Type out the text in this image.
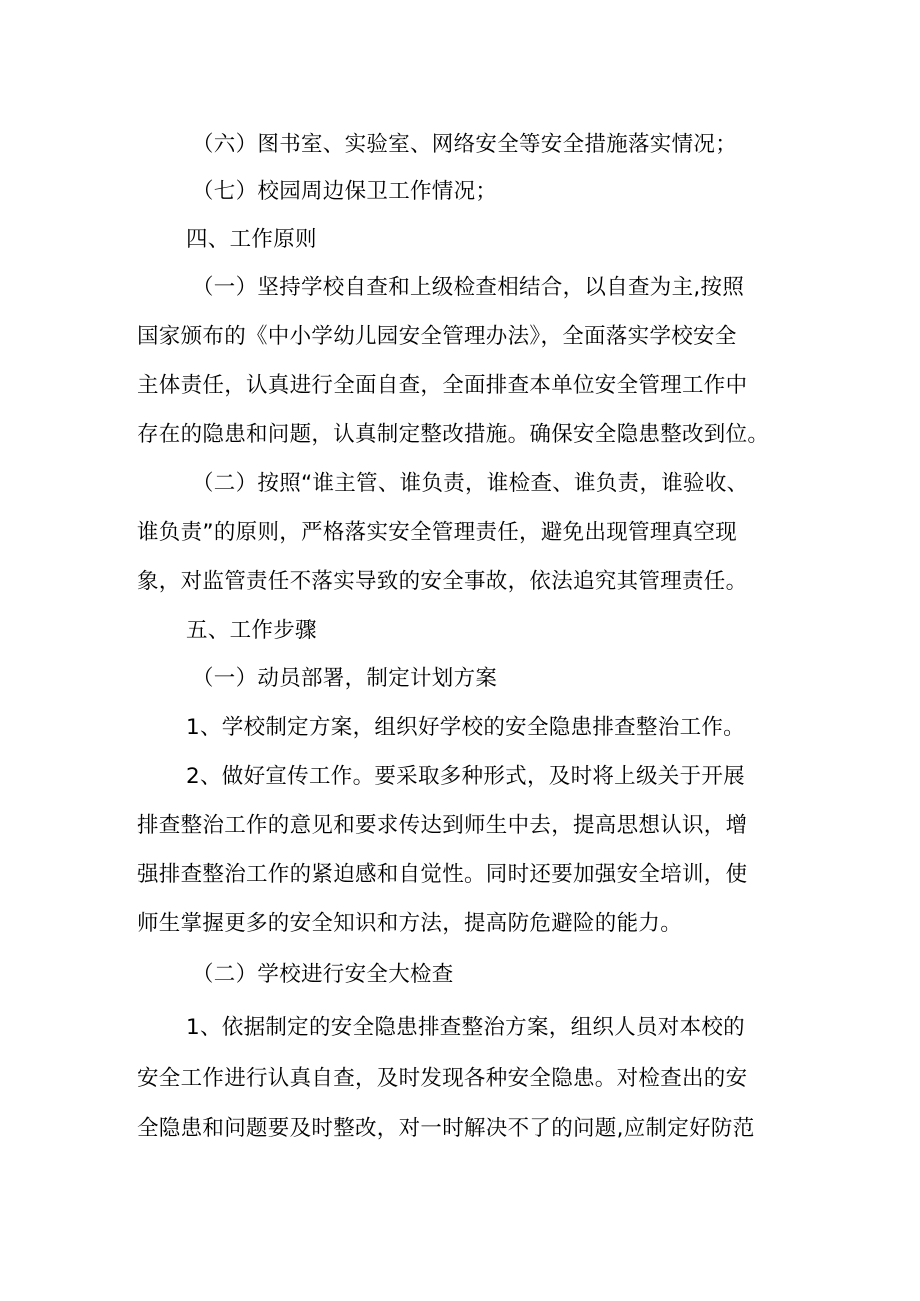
（六）图书室、实验室、网络安全等安全措施落实情况；
（七）校园周边保卫工作情况；
四、工作原则
（一）坚持学校自查和上级检查相结合，以自查为主,按照
国家颁布的《中小学幼儿园安全管理办法》，全面落实学校安全
主体责任，认真进行全面自查，全面排查本单位安全管理工作中
存在的隐患和问题，认真制定整改措施。确保安全隐患整改到位。
（二）按照“谁主管、谁负责，谁检查、谁负责，谁验收、
谁负责”的原则，严格落实安全管理责任，避免出现管理真空现
象，对监管责任不落实导致的安全事故，依法追究其管理责任。
五、工作步骤
（一）动员部署，制定计划方案
1、学校制定方案，组织好学校的安全隐患排查整治工作。
2、做好宣传工作。要采取多种形式，及时将上级关于开展
排查整治工作的意见和要求传达到师生中去，提高思想认识，增
强排查整治工作的紧迫感和自觉性。同时还要加强安全培训，使
师生掌握更多的安全知识和方法，提高防危避险的能力。
（二）学校进行安全大检查
1、依据制定的安全隐患排查整治方案，组织人员对本校的
安全工作进行认真自查，及时发现各种安全隐患。对检查出的安
全隐患和问题要及时整改，对一时解决不了的问题,应制定好防范
